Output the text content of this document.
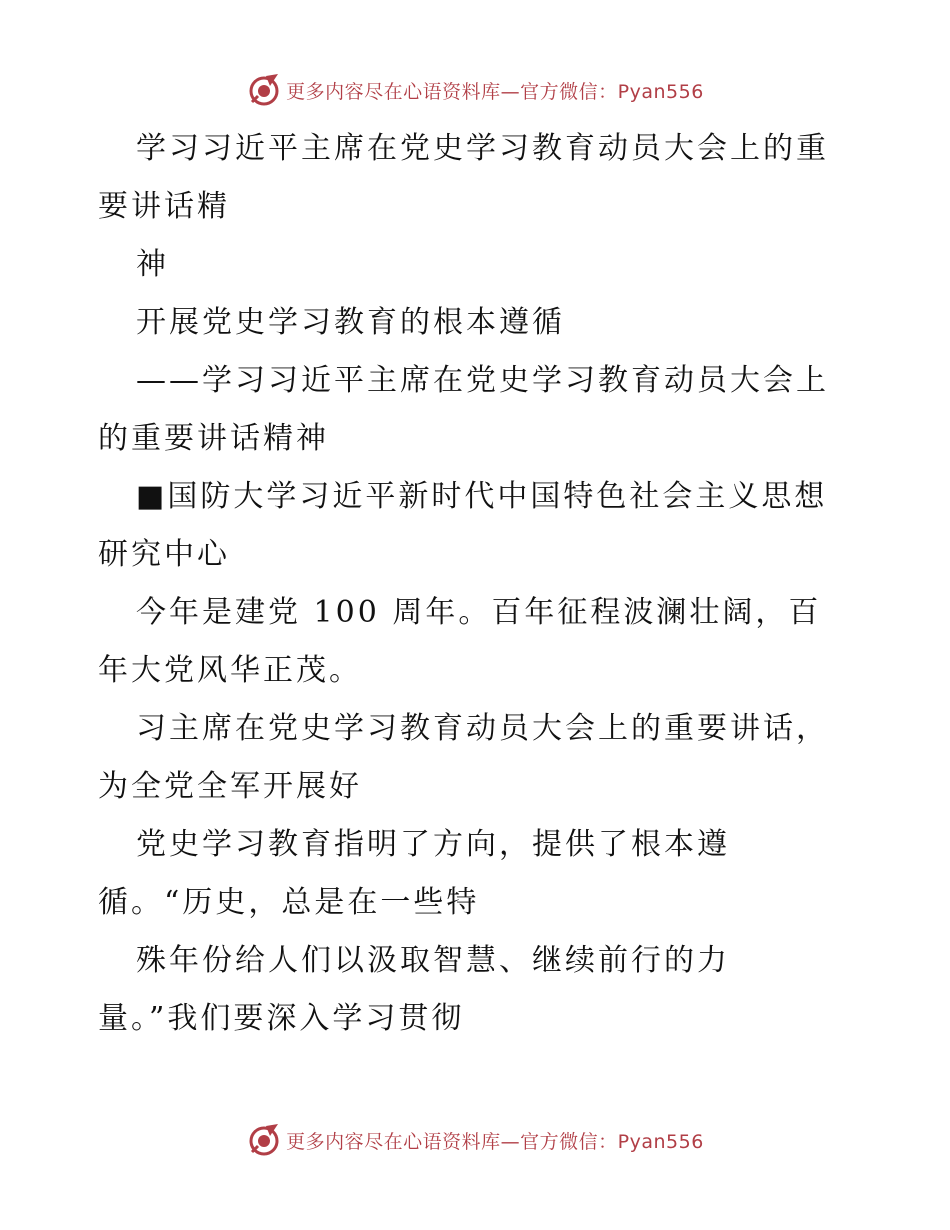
更多内容尽在心语资料库—官方微信：Pyan556
学习习近平主席在党史学习教育动员大会上的重
要讲话精
神
开展党史学习教育的根本遵循
——学习习近平主席在党史学习教育动员大会上
的重要讲话精神
■国防大学习近平新时代中国特色社会主义思想
研究中心
今年是建党 100 周年。百年征程波澜壮阔，百
年大党风华正茂。
习主席在党史学习教育动员大会上的重要讲话，
为全党全军开展好
党史学习教育指明了方向，提供了根本遵
循。“历史，总是在一些特
殊年份给人们以汲取智慧、继续前行的力
量。”我们要深入学习贯彻
更多内容尽在心语资料库—官方微信：Pyan556
